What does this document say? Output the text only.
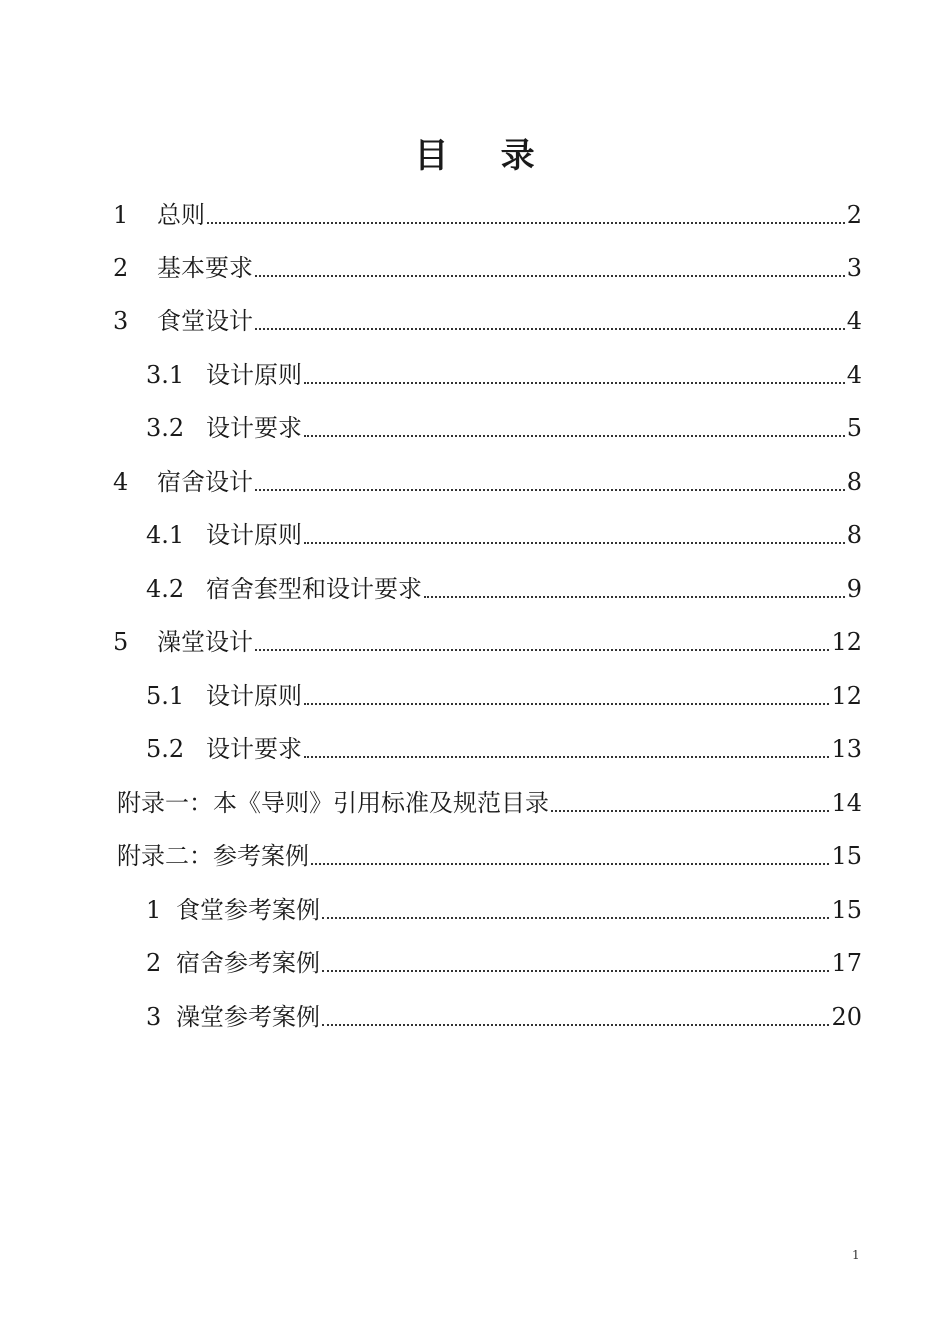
目    录
1	总则	2
2	基本要求	3
3	食堂设计	4
3.1 设计原则	4
3.2 设计要求	5
4	宿舍设计	8
4.1 设计原则	8
4.2 宿舍套型和设计要求	9
5	澡堂设计	12
5.1 设计原则	12
5.2 设计要求	13
附录一：本《导则》引用标准及规范目录	14
附录二：参考案例	15
1 食堂参考案例	15
2 宿舍参考案例	17
3 澡堂参考案例	20
1
